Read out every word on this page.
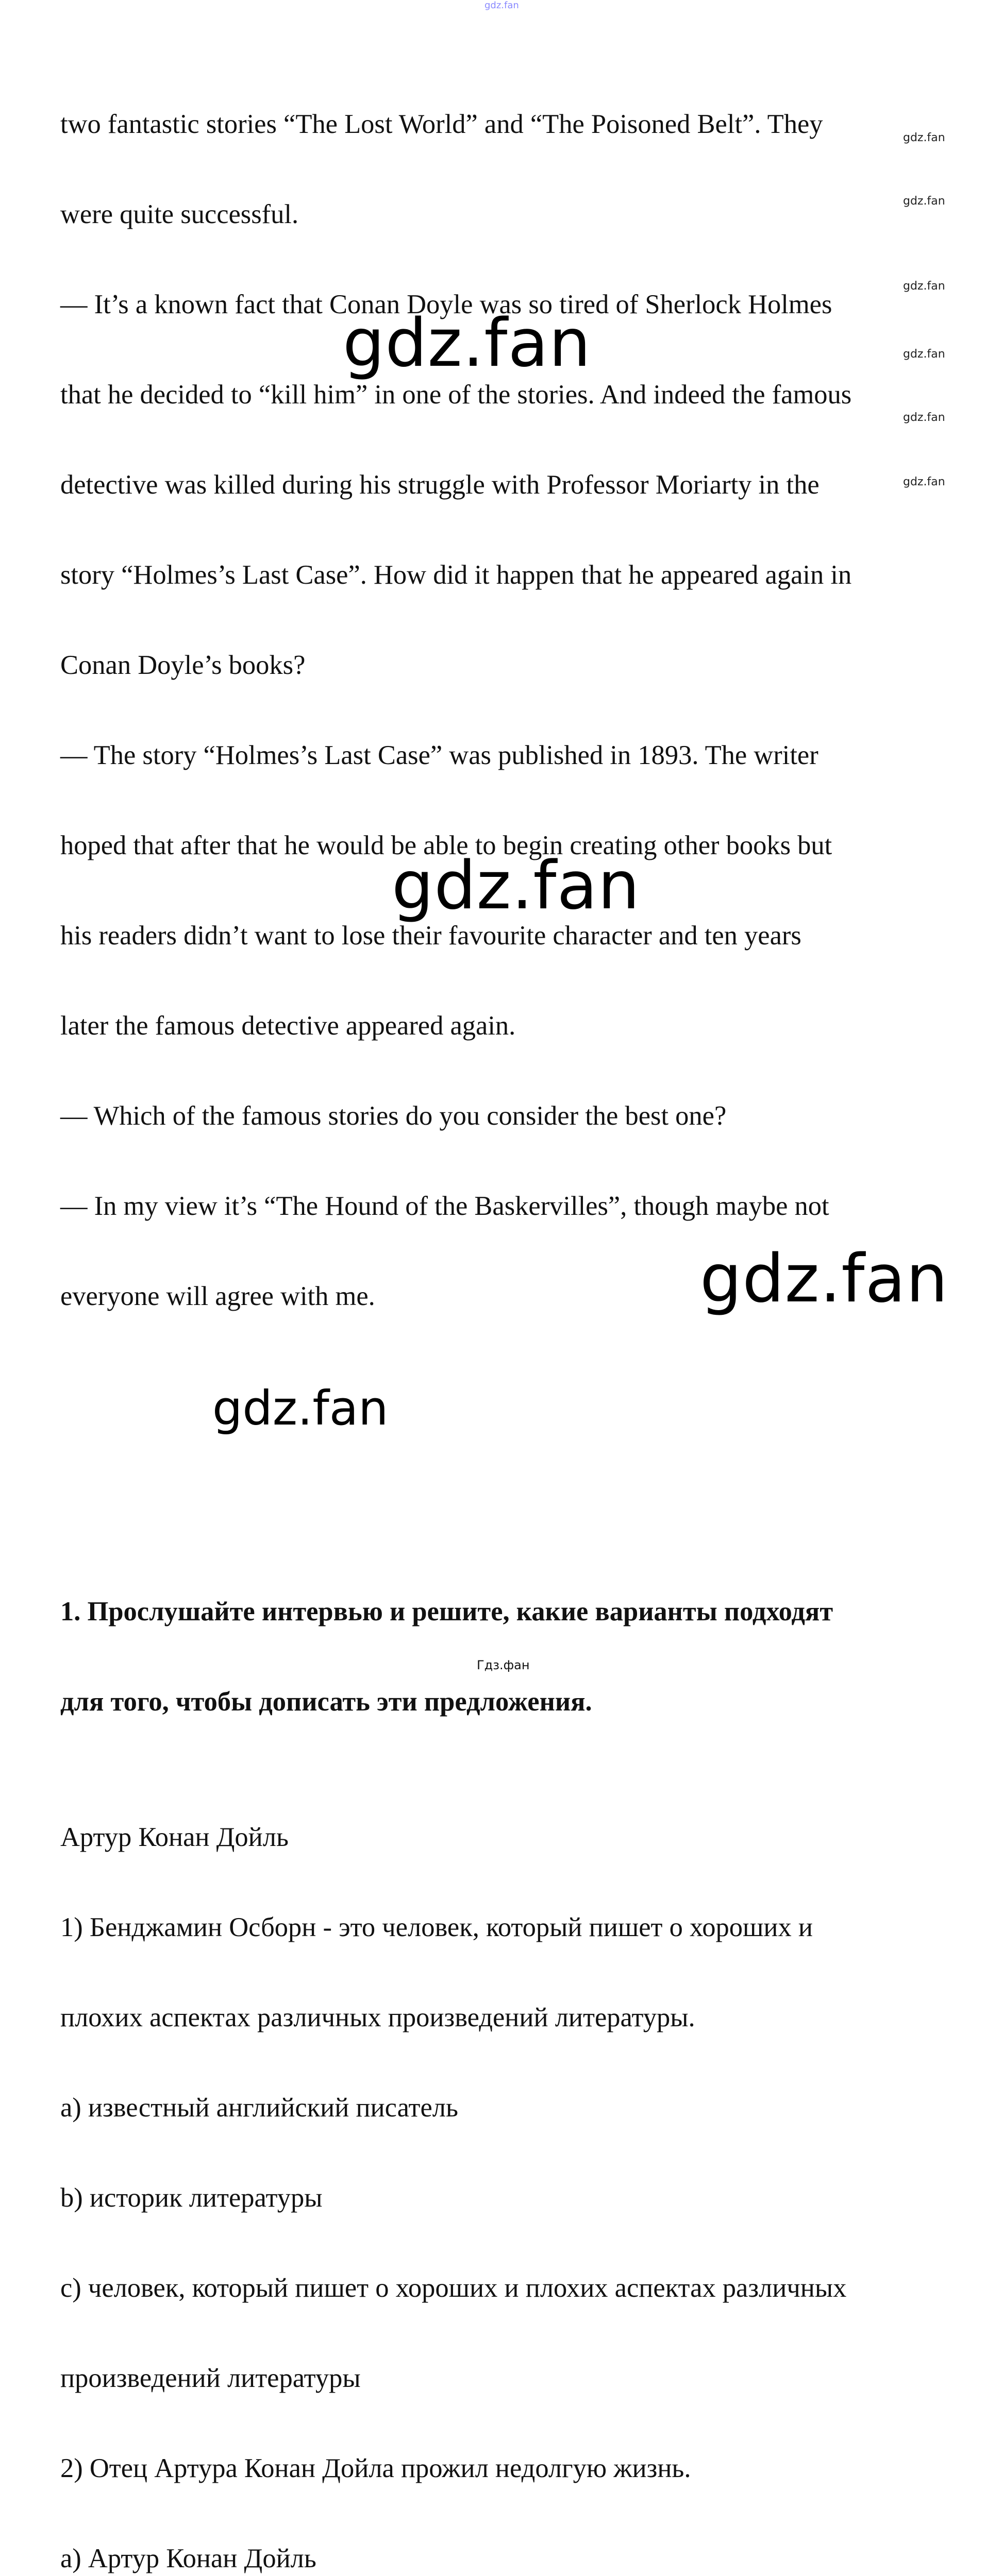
gdz.fan

two fantastic stories “The Lost World” and “The Poisoned Belt”. They

were quite successful.

— It’s a known fact that Conan Doyle was so tired of Sherlock Holmes

that he decided to “kill him” in one of the stories. And indeed the famous

detective was killed during his struggle with Professor Moriarty in the

story “Holmes’s Last Case”. How did it happen that he appeared again in

Conan Doyle’s books?

— The story “Holmes’s Last Case” was published in 1893. The writer

hoped that after that he would be able to begin creating other books but

his readers didn’t want to lose their favourite character and ten years

later the famous detective appeared again.

— Which of the famous stories do you consider the best one?

— In my view it’s “The Hound of the Baskervilles”, though maybe not

everyone will agree with me.

1. Прослушайте интервью и решите, какие варианты подходят

для того, чтобы дописать эти предложения.

Артур Конан Дойль

1) Бенджамин Осборн - это человек, который пишет о хороших и

плохих аспектах различных произведений литературы.

a) известный английский писатель

b) историк литературы

c) человек, который пишет о хороших и плохих аспектах различных

произведений литературы

2) Отец Артура Конан Дойла прожил недолгую жизнь.

a) Артур Конан Дойль

gdz.fan
gdz.fan
gdz.fan
gdz.fan
gdz.fan
gdz.fan
gdz.fan
gdz.fan
gdz.fan
gdz.fan
Гдз.фан
